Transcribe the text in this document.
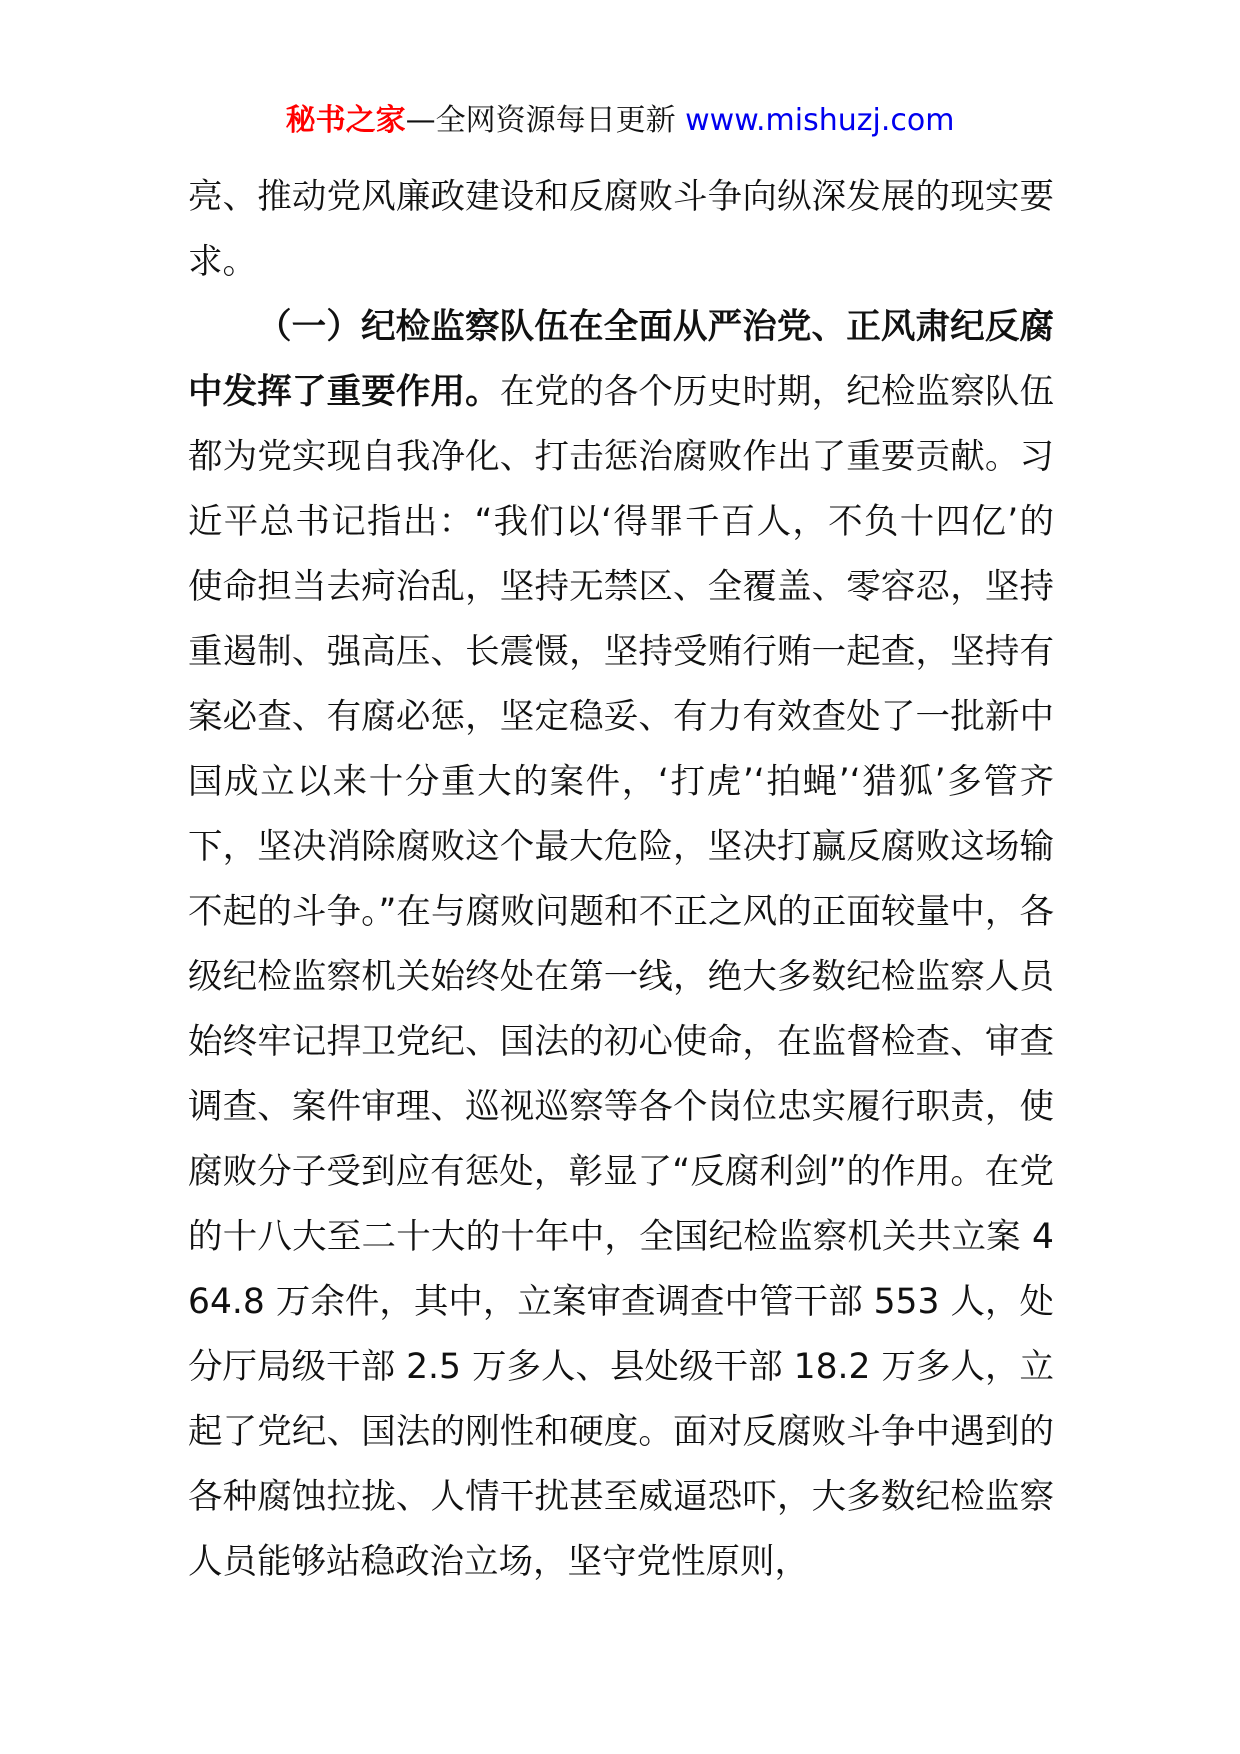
秘书之家—全网资源每日更新 www.mishuzj.com

亮、推动党风廉政建设和反腐败斗争向纵深发展的现实要求。

（一）纪检监察队伍在全面从严治党、正风肃纪反腐中发挥了重要作用。在党的各个历史时期，纪检监察队伍都为党实现自我净化、打击惩治腐败作出了重要贡献。习近平总书记指出：“我们以‘得罪千百人，不负十四亿’的使命担当去疴治乱，坚持无禁区、全覆盖、零容忍，坚持重遏制、强高压、长震慑，坚持受贿行贿一起查，坚持有案必查、有腐必惩，坚定稳妥、有力有效查处了一批新中国成立以来十分重大的案件，‘打虎’‘拍蝇’‘猎狐’多管齐下，坚决消除腐败这个最大危险，坚决打赢反腐败这场输不起的斗争。”在与腐败问题和不正之风的正面较量中，各级纪检监察机关始终处在第一线，绝大多数纪检监察人员始终牢记捍卫党纪、国法的初心使命，在监督检查、审查调查、案件审理、巡视巡察等各个岗位忠实履行职责，使腐败分子受到应有惩处，彰显了“反腐利剑”的作用。在党的十八大至二十大的十年中，全国纪检监察机关共立案 464.8 万余件，其中，立案审查调查中管干部 553 人，处分厅局级干部 2.5 万多人、县处级干部 18.2 万多人，立起了党纪、国法的刚性和硬度。面对反腐败斗争中遇到的各种腐蚀拉拢、人情干扰甚至威逼恐吓，大多数纪检监察人员能够站稳政治立场，坚守党性原则，
